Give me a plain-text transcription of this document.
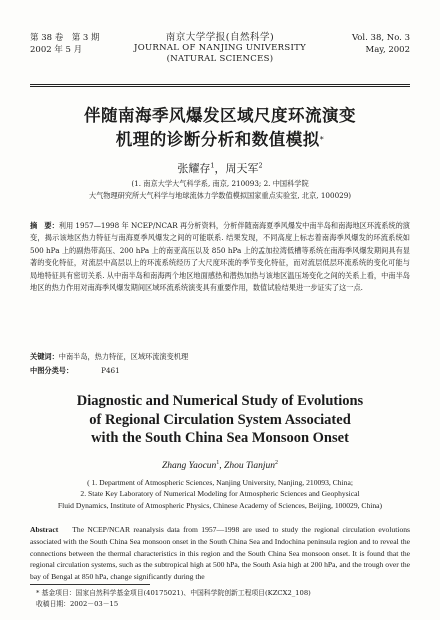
第 38 卷　第 3 期
2002 年 5 月
南京大学学报(自然科学)
JOURNAL OF NANJING UNIVERSITY
(NATURAL SCIENCES)
Vol. 38, No. 3
May, 2002
伴随南海季风爆发区域尺度环流演变
机理的诊断分析和数值模拟*
张耀存$^1$，周天军$^2$
(1. 南京大学大气科学系, 南京, 210093; 2. 中国科学院
大气物理研究所大气科学与地球流体力学数值模拟国家重点实验室, 北京, 100029)
摘　要：利用 1957—1998 年 NCEP/NCAR 再分析资料，分析伴随南海夏季风爆发中南半岛和南海地区环流系统的演变，揭示该地区热力特征与南海夏季风爆发之间的可能联系. 结果发现，不同高度上标志着南海季风爆发的环流系统如 500 hPa 上的副热带高压、200 hPa 上的南亚高压以及 850 hPa 上的孟加拉湾低槽等系统在南海季风爆发期间具有显著的变化特征，对流层中高层以上的环流系统经历了大尺度环流的季节变化特征，而对流层低层环流系统的变化可能与局地特征具有密切关系. 从中南半岛和南海两个地区地面感热和潜热加热与该地区温压场变化之间的关系上看，中南半岛地区的热力作用对南海季风爆发期间区域环流系统演变具有重要作用，数值试验结果进一步证实了这一点.
关键词：中南半岛，热力特征，区域环流演变机理
中图分类号：	P461
Diagnostic and Numerical Study of Evolutions
of Regional Circulation System Associated
with the South China Sea Monsoon Onset
Zhang Yaocun$^1$, Zhou Tianjun$^2$
( 1. Department of Atmospheric Sciences, Nanjing University, Nanjing, 210093, China;
2. State Key Laboratory of Numerical Modeling for Atmospheric Sciences and Geophysical
Fluid Dynamics, Institute of Atmospheric Physics, Chinese Academy of Sciences, Beijing, 100029, China)
Abstract The NCEP/NCAR reanalysis data from 1957—1998 are used to study the regional circulation evolutions associated with the South China Sea monsoon onset in the South China Sea and Indochina peninsula region and to reveal the connections between the thermal characteristics in this region and the South China Sea monsoon onset. It is found that the regional circulation systems, such as the subtropical high at 500 hPa, the South Asia high at 200 hPa, and the trough over the bay of Bengal at 850 hPa, change significantly during the
* 基金项目：国家自然科学基金项目(40175021)、中国科学院创新工程项目(KZCX2_108)
收稿日期：2002－03－15
